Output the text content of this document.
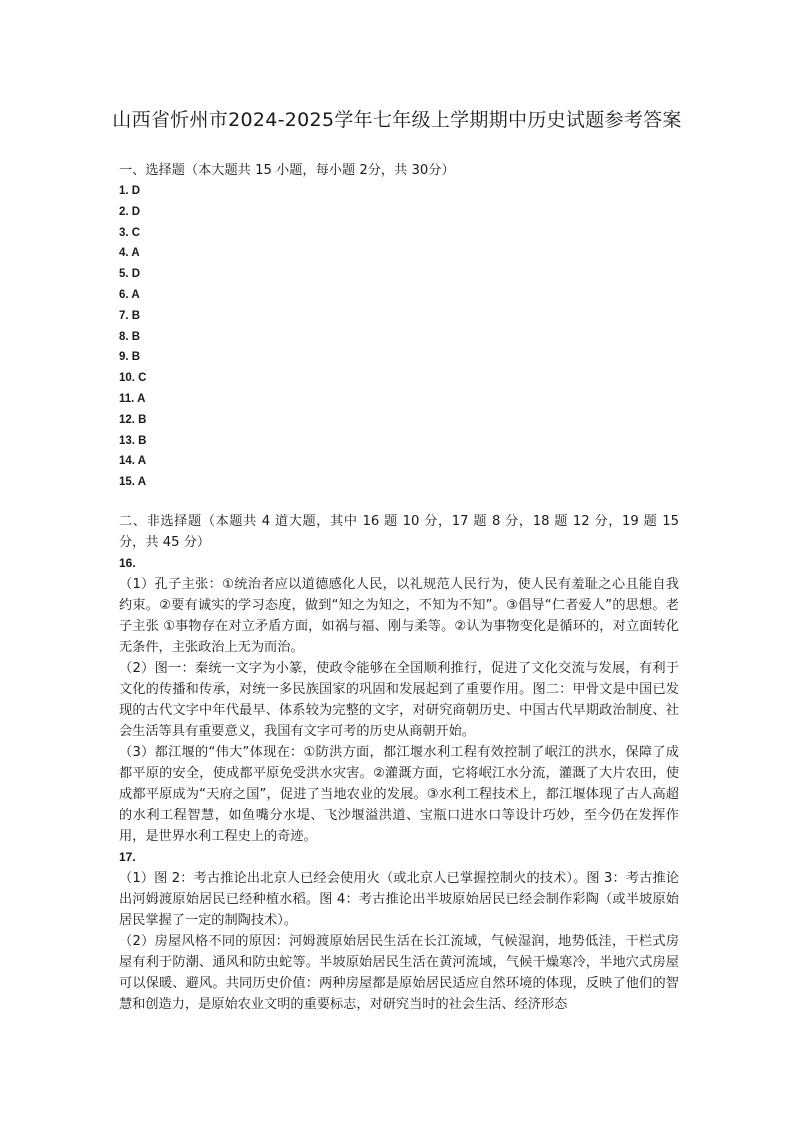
山西省忻州市2024-2025学年七年级上学期期中历史试题参考答案
一、选择题（本大题共 15 小题，每小题 2分，共 30分）
1. D
2. D
3. C
4. A
5. D
6. A
7. B
8. B
9. B
10. C
11. A
12. B
13. B
14. A
15. A

二、非选择题（本题共 4 道大题，其中 16 题 10 分，17 题 8 分，18 题 12 分，19 题 15 分，共 45 分）

16.

（1）孔子主张：①统治者应以道德感化人民，以礼规范人民行为，使人民有羞耻之心且能自我约束。②要有诚实的学习态度，做到“知之为知之，不知为不知”。③倡导“仁者爱人”的思想。老子主张 ①事物存在对立矛盾方面，如祸与福、刚与柔等。②认为事物变化是循环的，对立面转化无条件，主张政治上无为而治。

（2）图一：秦统一文字为小篆，使政令能够在全国顺利推行，促进了文化交流与发展，有利于文化的传播和传承，对统一多民族国家的巩固和发展起到了重要作用。图二：甲骨文是中国已发现的古代文字中年代最早、体系较为完整的文字，对研究商朝历史、中国古代早期政治制度、社会生活等具有重要意义，我国有文字可考的历史从商朝开始。

（3）都江堰的“伟大”体现在：①防洪方面，都江堰水利工程有效控制了岷江的洪水，保障了成都平原的安全，使成都平原免受洪水灾害。②灌溉方面，它将岷江水分流，灌溉了大片农田，使成都平原成为“天府之国”，促进了当地农业的发展。③水利工程技术上，都江堰体现了古人高超的水利工程智慧，如鱼嘴分水堤、飞沙堰溢洪道、宝瓶口进水口等设计巧妙，至今仍在发挥作用，是世界水利工程史上的奇迹。

17.

（1）图 2：考古推论出北京人已经会使用火（或北京人已掌握控制火的技术）。图 3：考古推论出河姆渡原始居民已经种植水稻。图 4：考古推论出半坡原始居民已经会制作彩陶（或半坡原始居民掌握了一定的制陶技术）。

（2）房屋风格不同的原因：河姆渡原始居民生活在长江流域，气候湿润，地势低洼，干栏式房屋有利于防潮、通风和防虫蛇等。半坡原始居民生活在黄河流域，气候干燥寒冷，半地穴式房屋可以保暖、避风。共同历史价值：两种房屋都是原始居民适应自然环境的体现，反映了他们的智慧和创造力，是原始农业文明的重要标志，对研究当时的社会生活、经济形态
